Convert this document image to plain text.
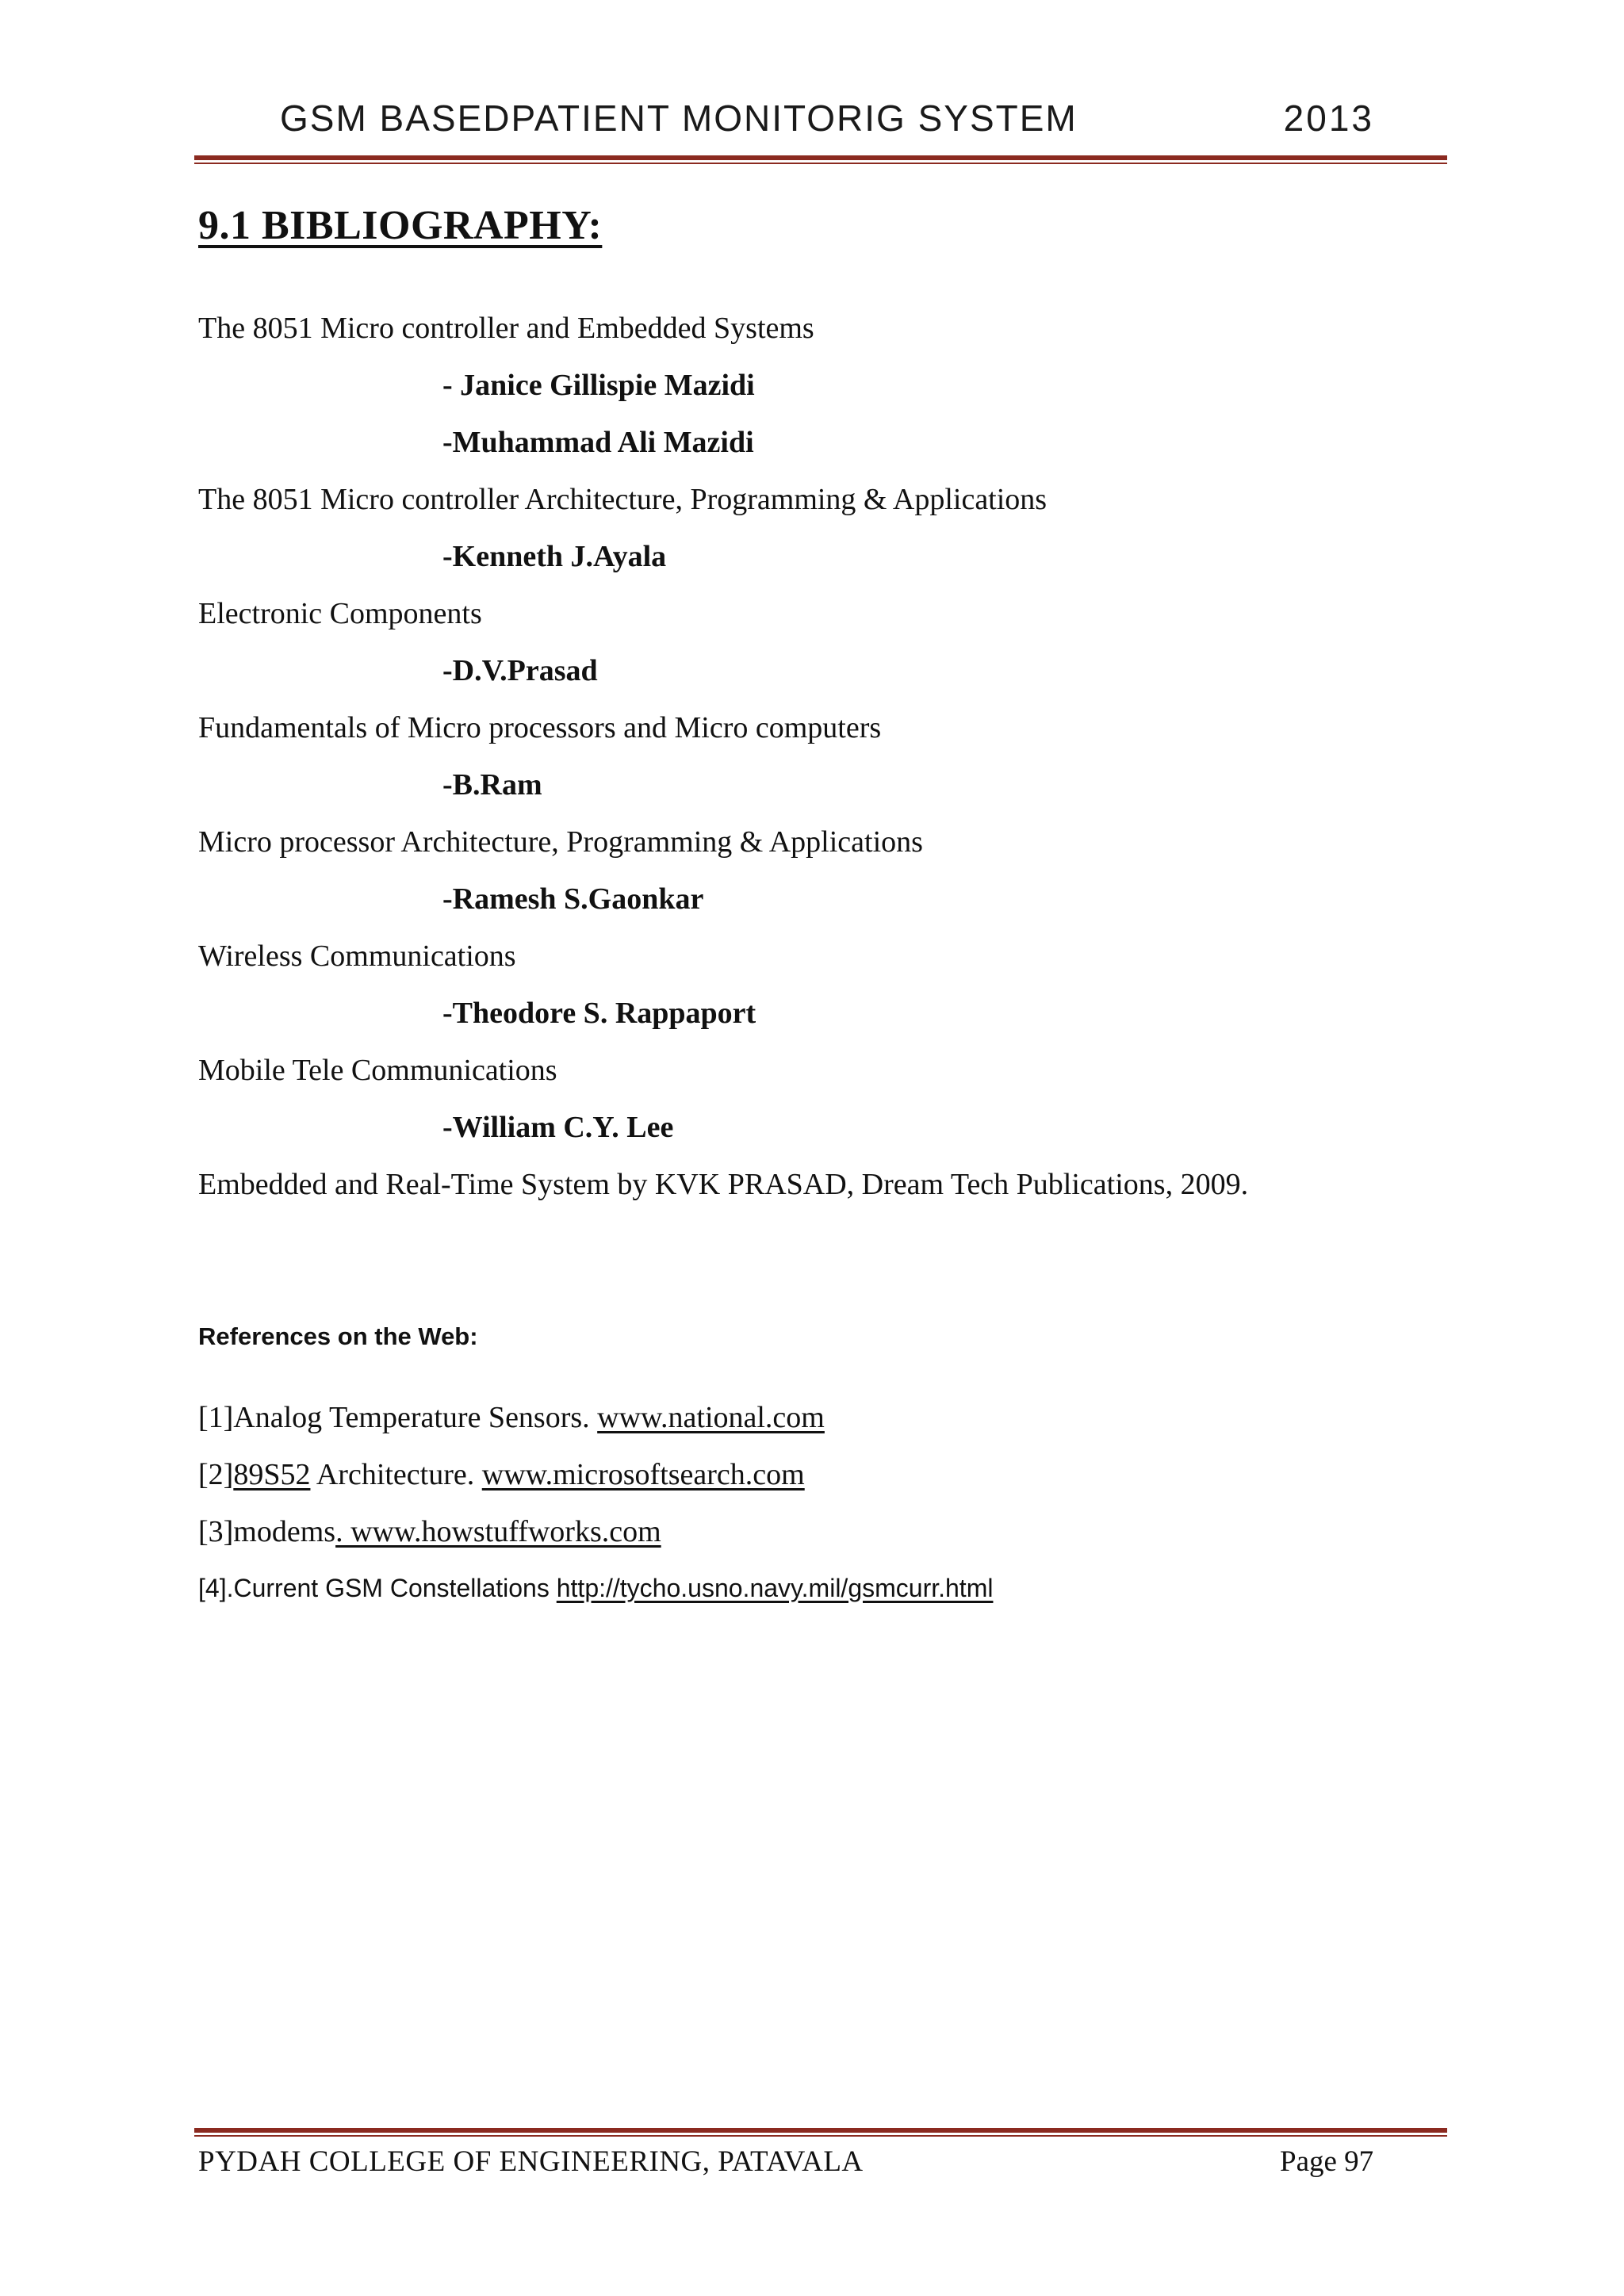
GSM BASEDPATIENT MONITORIG SYSTEM	2013
9.1 BIBLIOGRAPHY:
The 8051 Micro controller and Embedded Systems
- Janice Gillispie Mazidi
-Muhammad Ali Mazidi
The 8051 Micro controller Architecture, Programming & Applications
-Kenneth J.Ayala
Electronic Components
-D.V.Prasad
Fundamentals of Micro processors and Micro computers
-B.Ram
Micro processor Architecture, Programming & Applications
-Ramesh S.Gaonkar
Wireless Communications
-Theodore S. Rappaport
Mobile Tele Communications
-William C.Y. Lee
Embedded and Real-Time System by KVK PRASAD, Dream Tech Publications, 2009.
References on the Web:
[1]Analog Temperature Sensors. www.national.com
[2]89S52 Architecture. www.microsoftsearch.com
[3]modems. www.howstuffworks.com
[4].Current GSM Constellations http://tycho.usno.navy.mil/gsmcurr.html
PYDAH COLLEGE OF ENGINEERING, PATAVALA	Page 97
